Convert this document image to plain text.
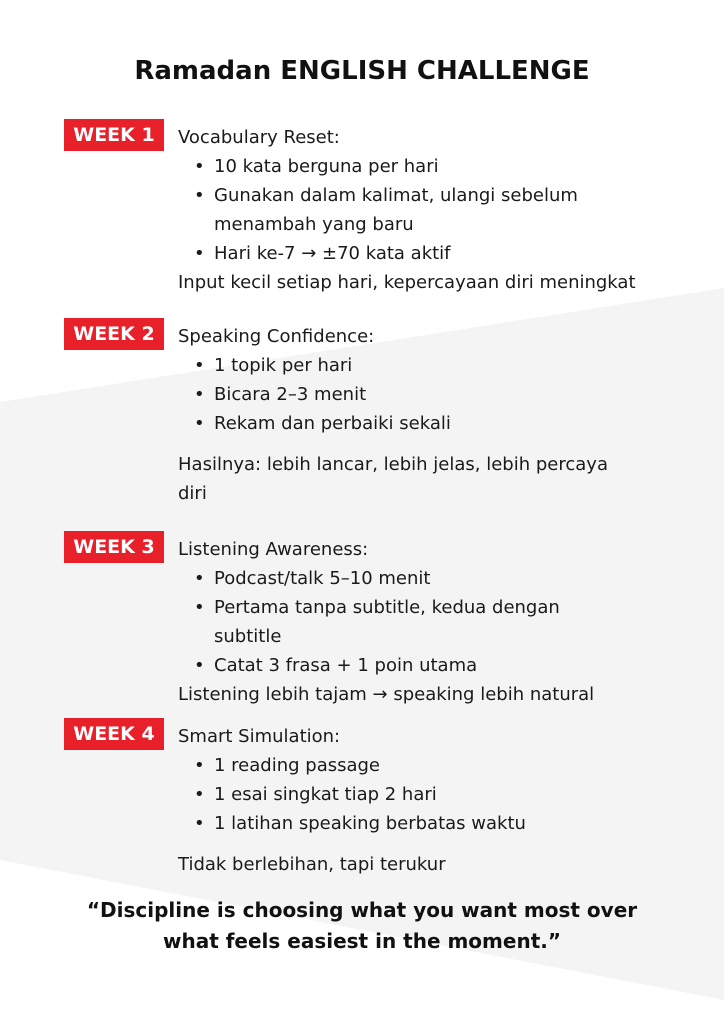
Ramadan ENGLISH CHALLENGE
WEEK 1	Vocabulary Reset:

• 10 kata berguna per hari
• Gunakan dalam kalimat, ulangi sebelum menambah yang baru
• Hari ke-7 → ±70 kata aktif

Input kecil setiap hari, kepercayaan diri meningkat

WEEK 2	Speaking Confidence:

• 1 topik per hari
• Bicara 2–3 menit
• Rekam dan perbaiki sekali

Hasilnya: lebih lancar, lebih jelas, lebih percaya diri

WEEK 3	Listening Awareness:

• Podcast/talk 5–10 menit
• Pertama tanpa subtitle, kedua dengan subtitle
• Catat 3 frasa + 1 poin utama

Listening lebih tajam → speaking lebih natural

WEEK 4	Smart Simulation:

• 1 reading passage
• 1 esai singkat tiap 2 hari
• 1 latihan speaking berbatas waktu

Tidak berlebihan, tapi terukur

“Discipline is choosing what you want most over what feels easiest in the moment.”
